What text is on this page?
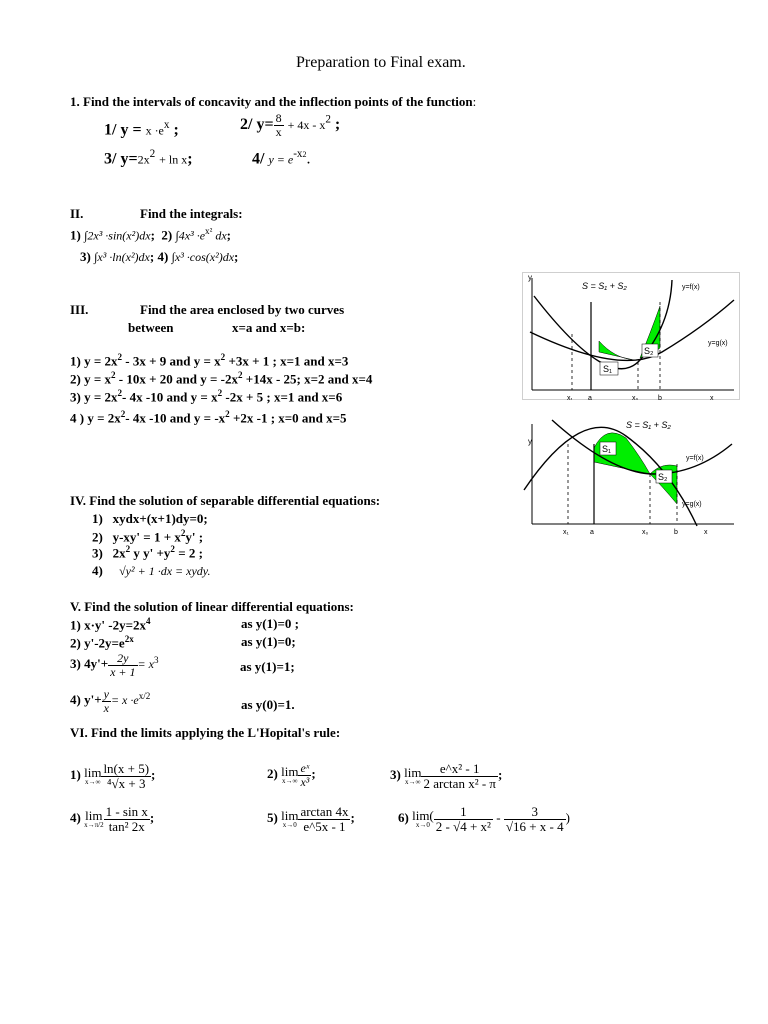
Preparation to Final exam.
1. Find the intervals of concavity and the inflection points of the function:
1/ $y = x \cdot e^x$ ;	2/ $y= \frac{8}{x} + 4x - x^2$ ;
3/ $y=2x^2 + \ln x$;	4/ $y = e^{-x2}$.
II.	Find the integrals:
1) ∫2x³ ·sin(x²)dx; 2) $\int 4x^3 \cdot e^{x^2}$ dx;
3) ∫x³ ·ln(x²)dx; 4) ∫x³ ·cos(x²)dx;
III.	Find the area enclosed by two curves
between	x=a and x=b:
1) $y = 2x^2 - 3x + 9$ and $y = x^2 +3x + 1$ ; x=1 and x=3
2) $y = x^2 - 10x + 20$ and $y = -2x^2 +14x - 25$; x=2 and x=4
3) $y = 2x^2-$ 4x -10 and $y = x^2$ -2x + 5 ; x=1 and x=6
4 ) $y = 2x^2-$ 4x -10 and $y = -x^2 +2x$ -1 ; x=0 and x=5
S₁
S₂
S = S₁ + S₂	y=f(x)
y=g(x)
y
x₁ a	x₀	b	x
S₁
S₂
S = S₁ + S₂
y=f(x)
y=g(x)
y
x₁	a	x₀	b	x
IV. Find the solution of separable differential equations:
1) xydx+(x+1)dy=0;
2) $y-xy' = 1 + x^2y'$ ;
3) $2x^2$ y $y' +y^2 = 2$ ;
4) √y² + 1 ·dx = xydy.
V. Find the solution of linear differential equations:
1) x·y' $-2y=2x^4$	as y(1)=0 ;
2) $y'-2y=e^{2x}$	as y(1)=0;
3) $4y'+ \frac{2y}{x + 1} = x^3$	as y(1)=1;
4) $y'+ \frac{y}{x} = x \cdot e^{x/2}$
as y(0)=1.
VI. Find the limits applying the L'Hopital's rule:
1) lim
$x\to\infty \frac{\ln(x + 5)}{\text{⁴√x + 3}}$ ;	2) lim
$x\to\infty \frac{\text{eˣ}}{\text{x³}}$ ;	3) lim
$x\to\infty \frac{\text{e\textasciicircum{}x² - 1}}{\text{2 arctan x² - π}}$ ;
4) lim
$x\to\pi/2 \frac{\text{1 - sin x}}{\text{tan² 2x}}$ ;	5) lim
$x\to 0 \frac{\arctan 4x}{e\^{}5x - 1}$ ;	6) lim(
$x\to 0 \frac{1}{\text{2 - √4 + x²}} - \frac{3}{√16 + x - 4}$ )
